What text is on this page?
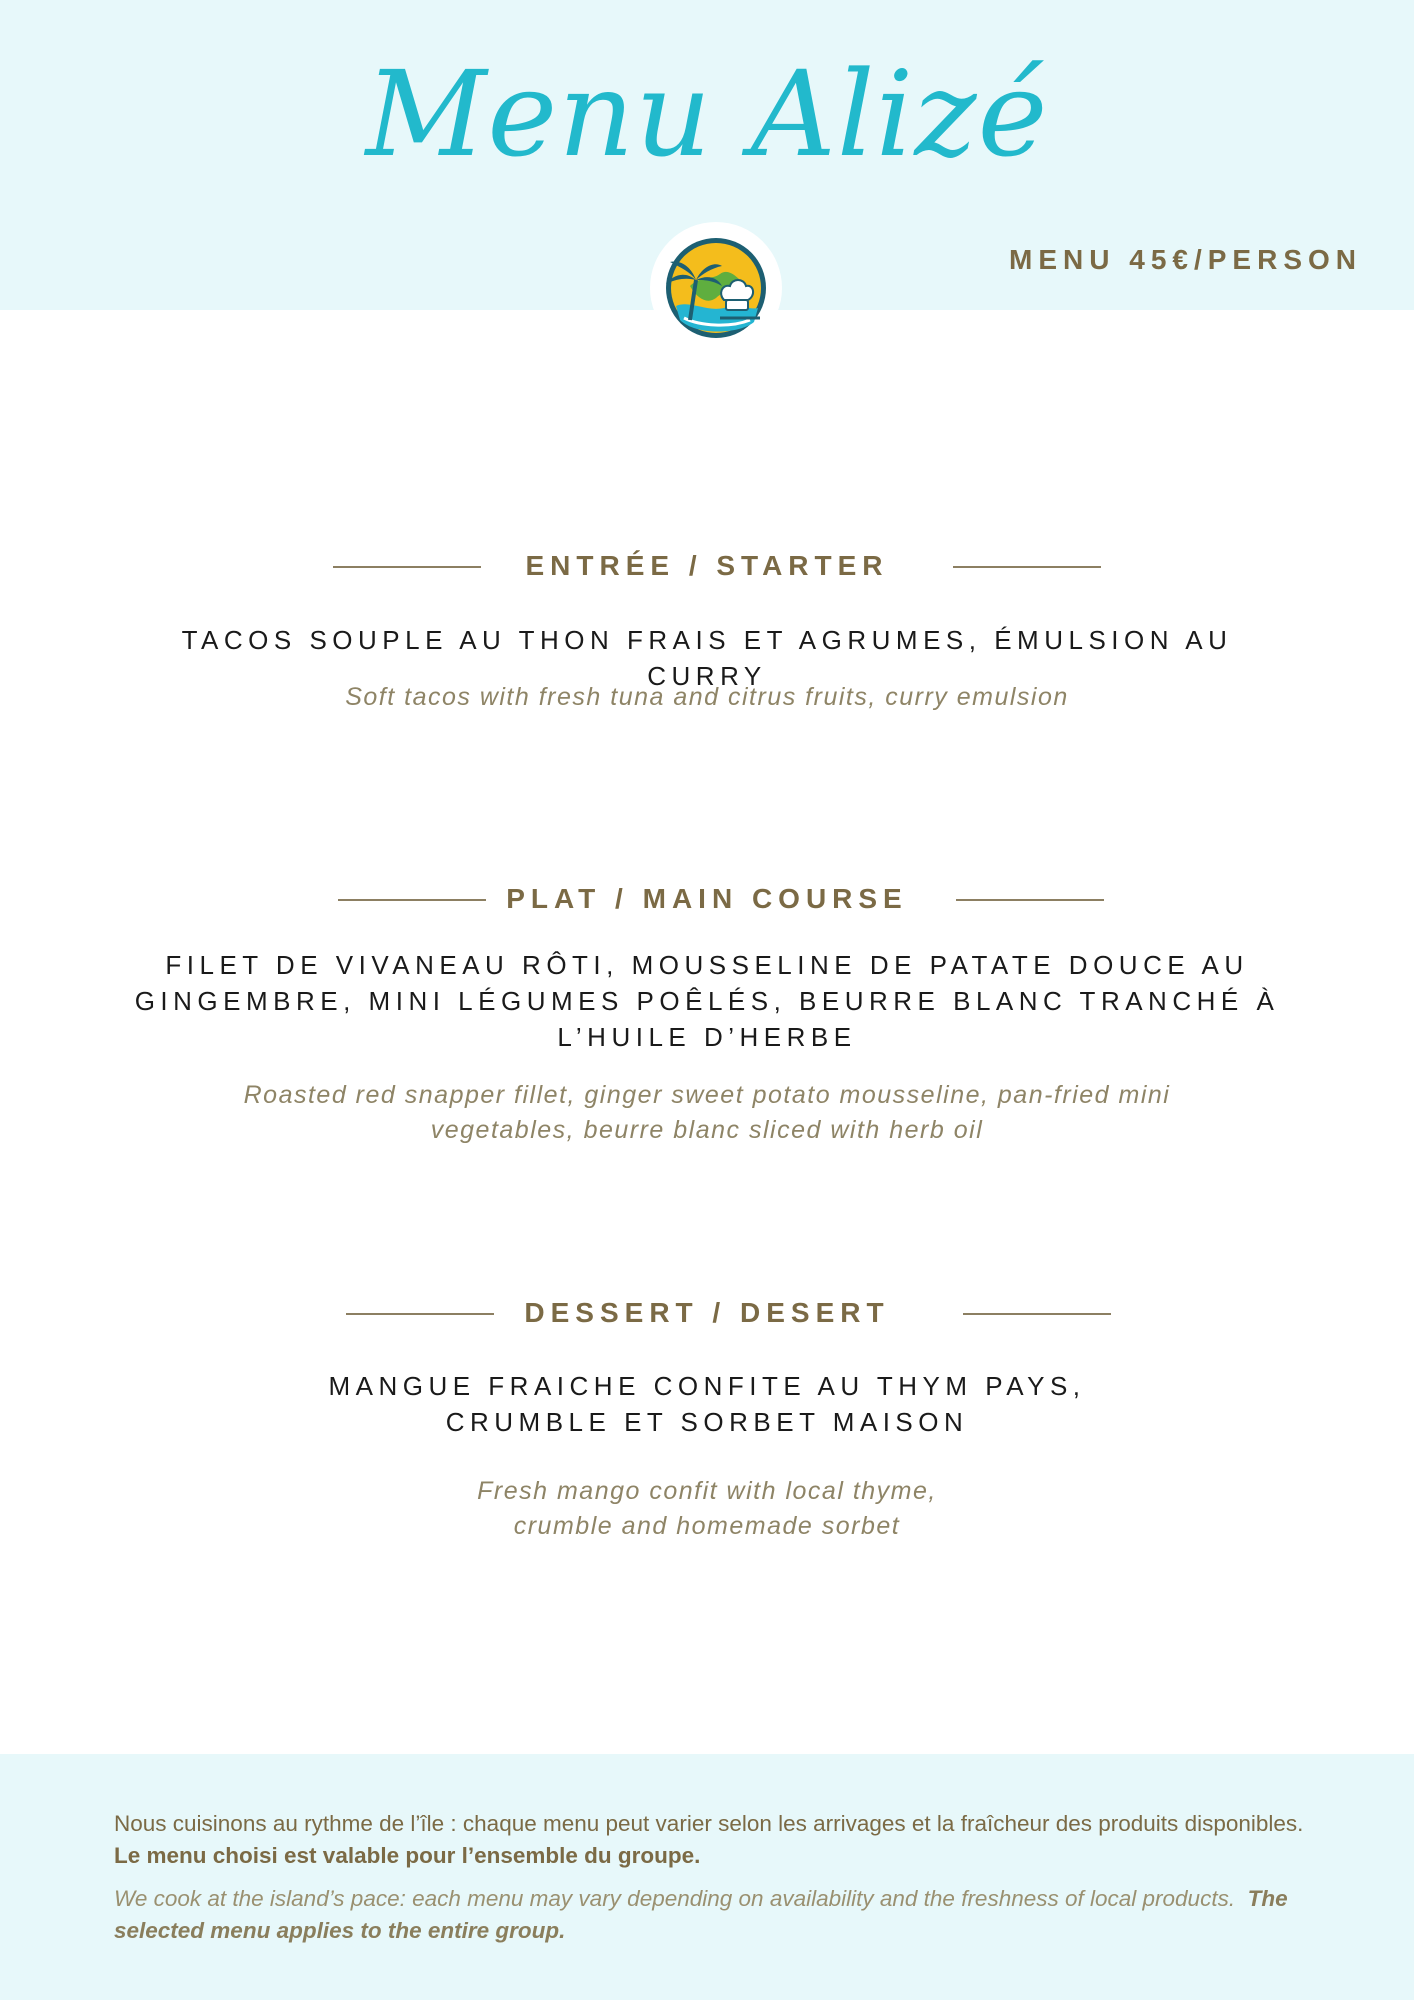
Menu Alizé
MENU 45€/PERSON
ENTRÉE / STARTER
TACOS SOUPLE AU THON FRAIS ET AGRUMES, ÉMULSION AU CURRY
Soft tacos with fresh tuna and citrus fruits, curry emulsion
PLAT / MAIN COURSE
FILET DE VIVANEAU RÔTI, MOUSSELINE DE PATATE DOUCE AU
GINGEMBRE, MINI LÉGUMES POÊLÉS, BEURRE BLANC TRANCHÉ À
L’HUILE D’HERBE
Roasted red snapper fillet, ginger sweet potato mousseline, pan-fried mini
vegetables, beurre blanc sliced with herb oil
DESSERT / DESERT
MANGUE FRAICHE CONFITE AU THYM PAYS,
CRUMBLE ET SORBET MAISON
Fresh mango confit with local thyme,
crumble and homemade sorbet
Nous cuisinons au rythme de l’île : chaque menu peut varier selon les arrivages et la fraîcheur des produits disponibles.  Le menu choisi est valable pour l’ensemble du groupe.
We cook at the island’s pace: each menu may vary depending on availability and the freshness of local products. The selected menu applies to the entire group.
